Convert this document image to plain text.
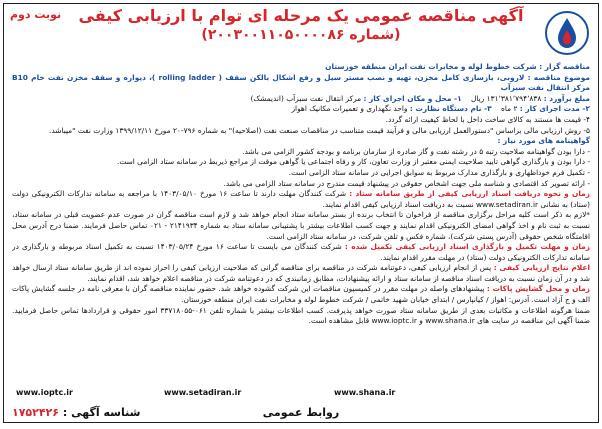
نوبت دوم	آگهی مناقصه عمومی یک مرحله ای توام با ارزیابی کیفی
(شماره ۲۰۰۳۰۰۱۱۰۵۰۰۰۰۸۶)

مناقصه گزار : شرکت خطوط لوله و مخابرات نفت ایران منطقه خوزستان

موضوع مناقصه : لاروبی، بازسازی کامل مخزن، تهیه و نصب مستر سیل و رفع اشکال بالکن سقف ( rolling ladder )، دیواره و سقف مخزن نفت خام B10 مرکز انتقال نفت سبزآب

مبلغ برآورد : ۱۳۱٬۳۸۱٬۷۹۴٬۸۳۸ ریال    ۱- محل و مکان اجرای کار : مرکز انتقال نفت سبزآب (اندیمشک)

۲- مدت اجرای کار : ۲ ماه    ۳- نام دستگاه نظارت : واحد نگهداری و تعمیرات مکانیک اهواز

۴- قیمت ها مستند به کالای ساخت داخل با لحاظ کیفیت ارائه گردد.

۵- روش ارزیابی مالی براساس "دستورالعمل ارزیابی مالی و فرآیند قیمت متناسب در مناقصات صنعت نفت (اصلاحیه)" به شماره ۷۹۶-۲۰ مورخ ۱۳۹۹/۱۲/۱۱ وزارت نفت "میباشد.

گواهینامه های مورد نیاز :

- دارا بودن گواهینامه صلاحیت رتبه ۵ در رشته نفت و گاز صادره از سازمان برنامه و بودجه کشور الزامی می باشد.

- دارا بودن و بارگذاری گواهی تایید صلاحیت ایمنی معتبر از وزارت تعاون، کار و رفاه اجتماعی یا گواهی موقت از مراجع ذیربط در سامانه ستاد الزامی است.

- تکمیل فرم خوداظهاری و بارگذاری مدارک مربوط به سوابق اجرایی در سامانه ستاد الزامی است.

- ارائه تصویر کد اقتصادی و شناسه ملی جهت اشخاص حقوقی در پیشنهاد قیمت مندرج در سامانه ستاد الزامی می باشد.

زمان و نحوه دریافت اسناد ارزیابی کیفی از طریق سامانه ستاد : شرکت کنندگان مهلت دارند تا ساعت ۱۶ مورخ ۱۴۰۳/۰۵/۱۰ با مراجعه به سامانه تدارکات الکترونیکی دولت (ستاد) به نشانی www.setadiran.ir نسبت به دریافت اسناد ارزیابی کیفی اقدام نمایند.

*لازم به ذکر است کلیه مراحل برگزاری مناقصه از فراخوان تا انتخاب برنده از بستر سامانه ستاد انجام خواهد شد و لازم است مناقصه گران در صورت عدم عضویت قبلی در سامانه ستاد، نسبت به ثبت نام و اخذ گواهی امضای الکترونیکی اقدام نمایند و جهت کسب اطلاعات بیشتر با پشتیبانی سامانه ستاد به شماره ۲۱۴۱۹۳۴ - ۰۲۱ تماس حاصل فرمایند. ضمنا درج آدرس محل اقامتگاه شخص حقوقی (آدرس پستی شرکت)، شماره فکس و تلفن شرکت، در سامانه ستاد الزامی است.

زمان و مهلت تکمیل و بارگذاری اسناد ارزیابی کیفی تکمیل شده : شرکت کنندگان می بایست تا ساعت ۱۶ مورخ ۱۴۰۳/۰۵/۲۴ نسبت به تکمیل اسناد مربوطه و بارگذاری در سامانه تدارکات الکترونیکی دولت (ستاد) در مهلت مقرر اقدام نمایند.

اعلام نتایج ارزیابی کیفی : پس از انجام ارزیابی کیفی، دعوتنامه شرکت در مناقصه برای مناقصه گرانی که صلاحیت ارزیابی کیفی را احراز نموده اند از طریق سامانه ستاد ارسال خواهد شد و در آن زمان نسبت به دریافت اسناد مناقصه از سامانه ستاد و ارائه پیشنهادات، مطابق زمانبندی که در دعوتنامه شرکت در مناقصه اعلام خواهد شد، اقدام نمایند.

زمان و محل گشایش پاکات : پیشنهادهای واصله در مهلت مقرر در کمیسیون مناقصات این شرکت گشوده خواهد شد. حضور نماینده مناقصه گران با معرفی نامه در جلسه گشایش پاکات الف و ج آزاد است. آدرس: اهواز / کیانپارس / ابتدای خیابان شهید خاتمی / شرکت خطوط لوله و مخابرات نفت ایران منطقه خوزستان.

ضمنا هرگونه اطلاعات و مکاتبات بعدی از طریق سامانه ستاد صورت خواهد پذیرفت. کسب اطلاعات بیشتر با شماره تلفن ۰۶۱-۳۳۷۱۸۰۵۵ امور حقوقی و قراردادها تماس حاصل فرمایید. ضمنا آگهی این مناقصه در سایت های www.shana.ir و www.ioptc.ir قابل مشاهده است.

www.ioptc.ir	www.setadiran.ir	www.shana.ir
روابط عمومی
شناسه آگهی : ۱۷۵۲۴۲۶
